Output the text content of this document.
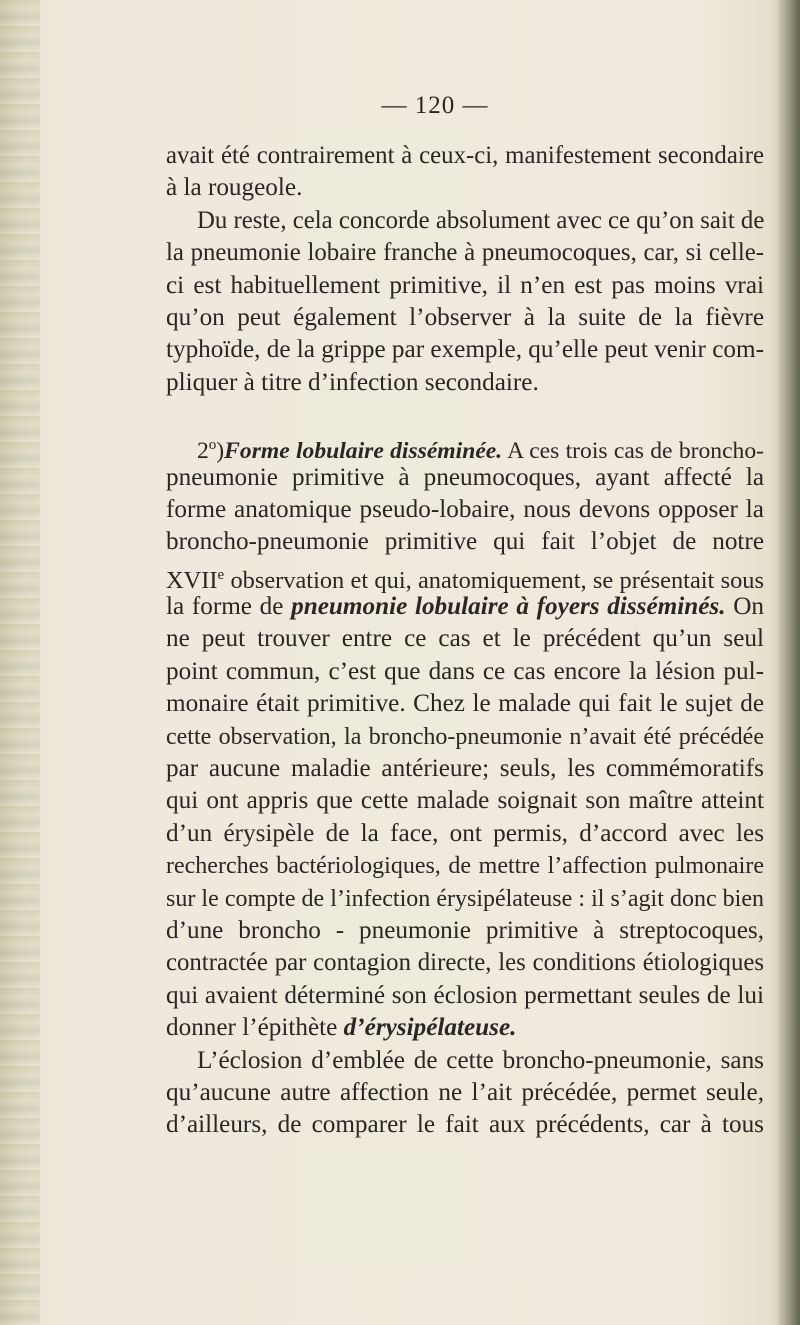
— 120 —
avait été contrairement à ceux-ci, manifestement secondaire
à la rougeole.
Du reste, cela concorde absolument avec ce qu’on sait de
la pneumonie lobaire franche à pneumocoques, car, si celle-
ci est habituellement primitive, il n’en est pas moins vrai
qu’on peut également l’observer à la suite de la fièvre
typhoïde, de la grippe par exemple, qu’elle peut venir com-
pliquer à titre d’infection secondaire.
2$^o$)Forme lobulaire disséminée. A ces trois cas de broncho-
pneumonie primitive à pneumocoques, ayant affecté la
forme anatomique pseudo-lobaire, nous devons opposer la
broncho-pneumonie primitive qui fait l’objet de notre
XVIIe observation et qui, anatomiquement, se présentait sous
la forme de pneumonie lobulaire à foyers disséminés. On
ne peut trouver entre ce cas et le précédent qu’un seul
point commun, c’est que dans ce cas encore la lésion pul-
monaire était primitive. Chez le malade qui fait le sujet de
cette observation, la broncho-pneumonie n’avait été précédée
par aucune maladie antérieure; seuls, les commémoratifs
qui ont appris que cette malade soignait son maître atteint
d’un érysipèle de la face, ont permis, d’accord avec les
recherches bactériologiques, de mettre l’affection pulmonaire
sur le compte de l’infection érysipélateuse : il s’agit donc bien
d’une broncho - pneumonie primitive à streptocoques,
contractée par contagion directe, les conditions étiologiques
qui avaient déterminé son éclosion permettant seules de lui
donner l’épithète d’érysipélateuse.
L’éclosion d’emblée de cette broncho-pneumonie, sans
qu’aucune autre affection ne l’ait précédée, permet seule,
d’ailleurs, de comparer le fait aux précédents, car à tous
